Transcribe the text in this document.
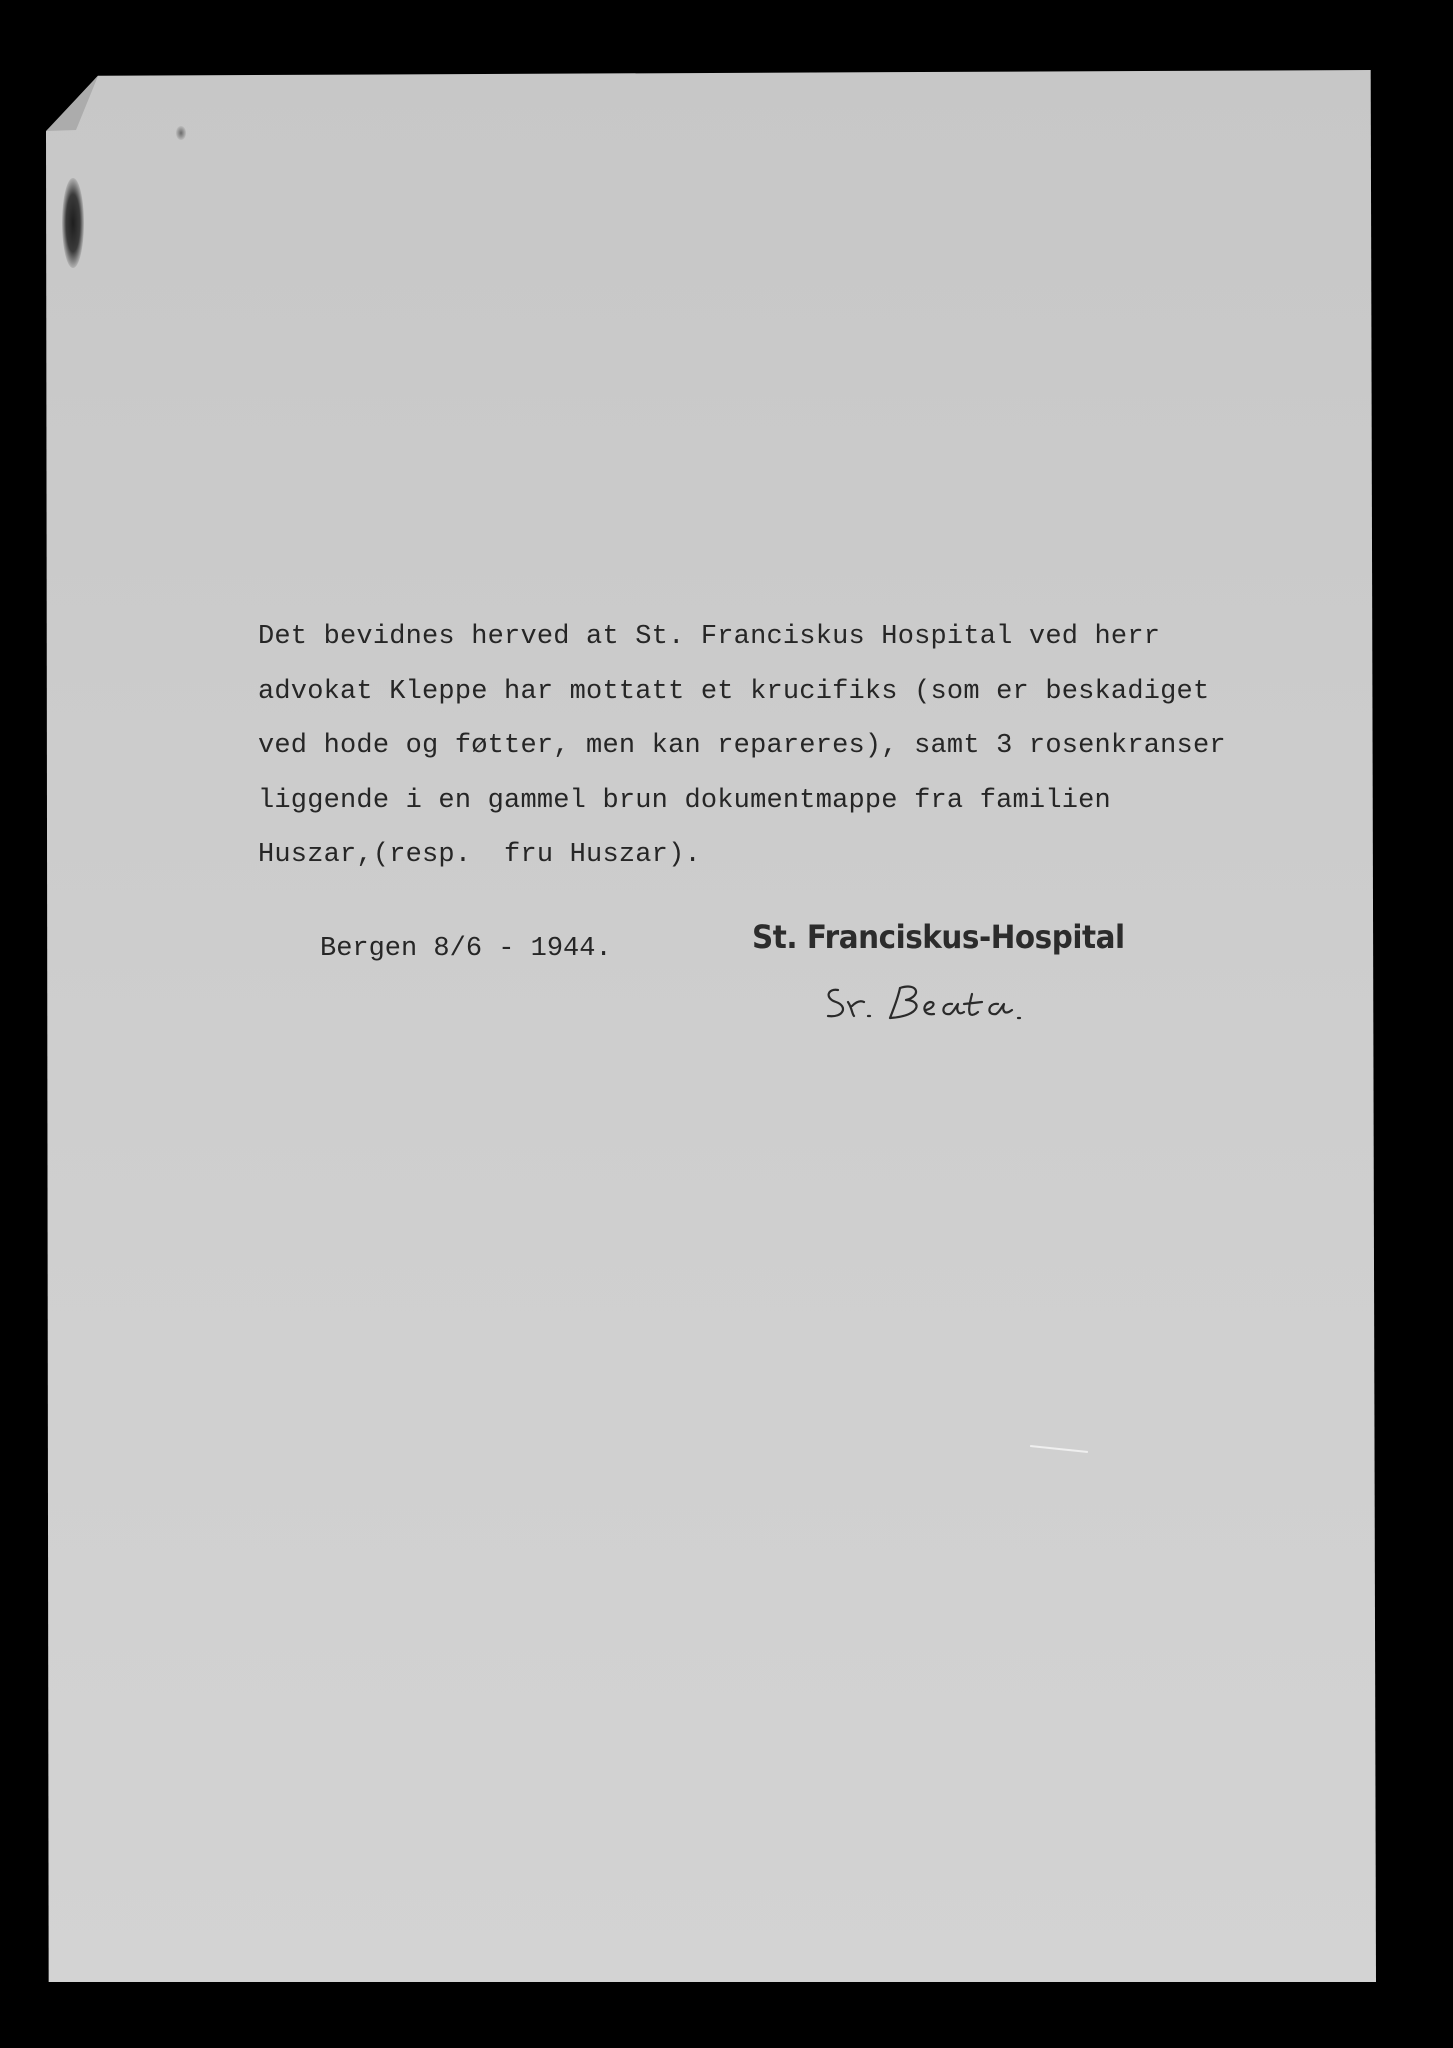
Det bevidnes herved at St. Franciskus Hospital ved herr
advokat Kleppe har mottatt et krucifiks (som er beskadiget
ved hode og føtter, men kan repareres), samt 3 rosenkranser
liggende i en gammel brun dokumentmappe fra familien
Huszar,(resp.  fru Huszar).
Bergen 8/6 - 1944.	St. Franciskus-Hospital
